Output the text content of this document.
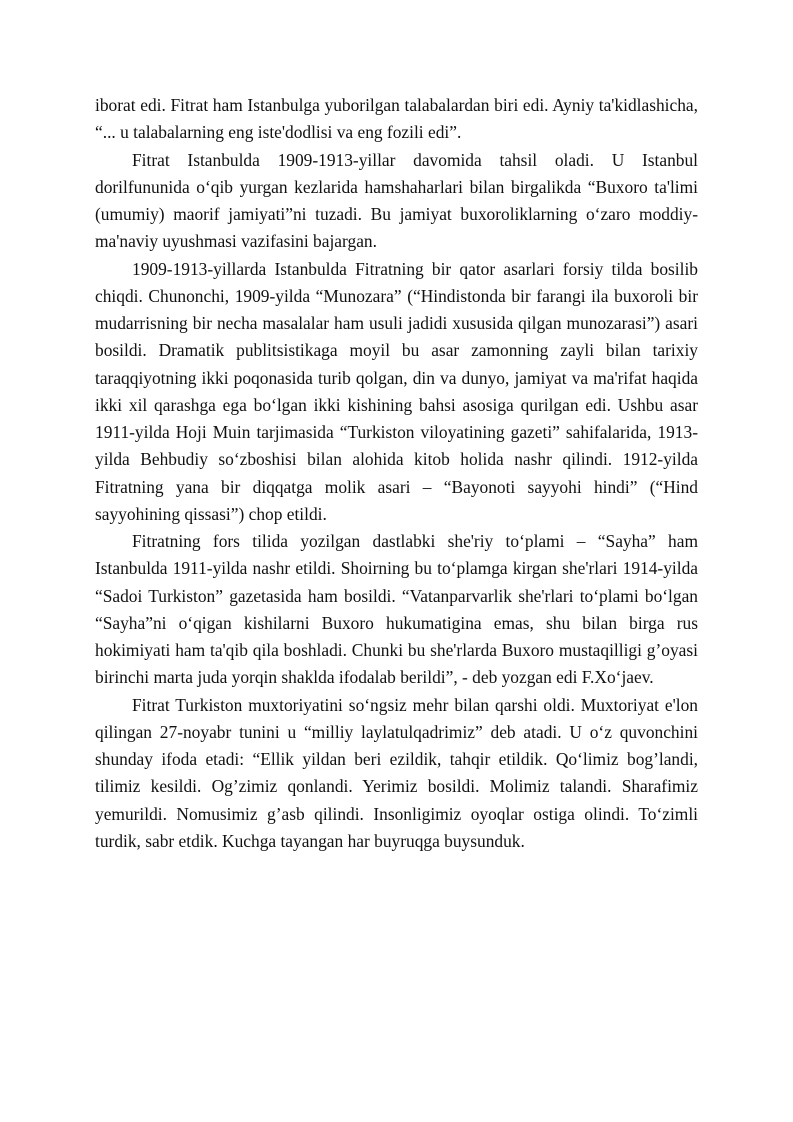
iborat edi. Fitrat ham Istanbulga yuborilgan talabalardan biri edi. Ayniy ta'kidlashicha, “... u talabalarning eng iste'dodlisi va eng fozili edi”.

Fitrat Istanbulda 1909-1913-yillar davomida tahsil oladi. U Istanbul dorilfununida oʻqib yurgan kezlarida hamshaharlari bilan birgalikda “Buxoro ta'limi (umumiy) maorif jamiyati”ni tuzadi. Bu jamiyat buxoroliklarning oʻzaro moddiy-ma'naviy uyushmasi vazifasini bajargan.

1909-1913-yillarda Istanbulda Fitratning bir qator asarlari forsiy tilda bosilib chiqdi. Chunonchi, 1909-yilda “Munozara” (“Hindistonda bir farangi ila buxoroli bir mudarrisning bir necha masalalar ham usuli jadidi xususida qilgan munozarasi”) asari bosildi. Dramatik publitsistikaga moyil bu asar zamonning zayli bilan tarixiy taraqqiyotning ikki poqonasida turib qolgan, din va dunyo, jamiyat va ma'rifat haqida ikki xil qarashga ega boʻlgan ikki kishining bahsi asosiga qurilgan edi. Ushbu asar 1911-yilda Hoji Muin tarjimasida “Turkiston viloyatining gazeti” sahifalarida, 1913-yilda Behbudiy soʻzboshisi bilan alohida kitob holida nashr qilindi. 1912-yilda Fitratning yana bir diqqatga molik asari – “Bayonoti sayyohi hindi” (“Hind sayyohining qissasi”) chop etildi.

Fitratning fors tilida yozilgan dastlabki she'riy toʻplami – “Sayha” ham Istanbulda 1911-yilda nashr etildi. Shoirning bu toʻplamga kirgan she'rlari 1914-yilda “Sadoi Turkiston” gazetasida ham bosildi. “Vatanparvarlik she'rlari toʻplami boʻlgan “Sayha”ni oʻqigan kishilarni Buxoro hukumatigina emas, shu bilan birga rus hokimiyati ham ta'qib qila boshladi. Chunki bu she'rlarda Buxoro mustaqilligi g’oyasi birinchi marta juda yorqin shaklda ifodalab berildi”, - deb yozgan edi F.Xoʻjaev.

Fitrat Turkiston muxtoriyatini soʻngsiz mehr bilan qarshi oldi. Muxtoriyat e'lon qilingan 27-noyabr tunini u “milliy laylatulqadrimiz” deb atadi. U oʻz quvonchini shunday ifoda etadi: “Ellik yildan beri ezildik, tahqir etildik. Qoʻlimiz bog’landi, tilimiz kesildi. Og’zimiz qonlandi. Yerimiz bosildi. Molimiz talandi. Sharafimiz yemurildi. Nomusimiz g’asb qilindi. Insonligimiz oyoqlar ostiga olindi. Toʻzimli turdik, sabr etdik. Kuchga tayangan har buyruqga buysunduk.
